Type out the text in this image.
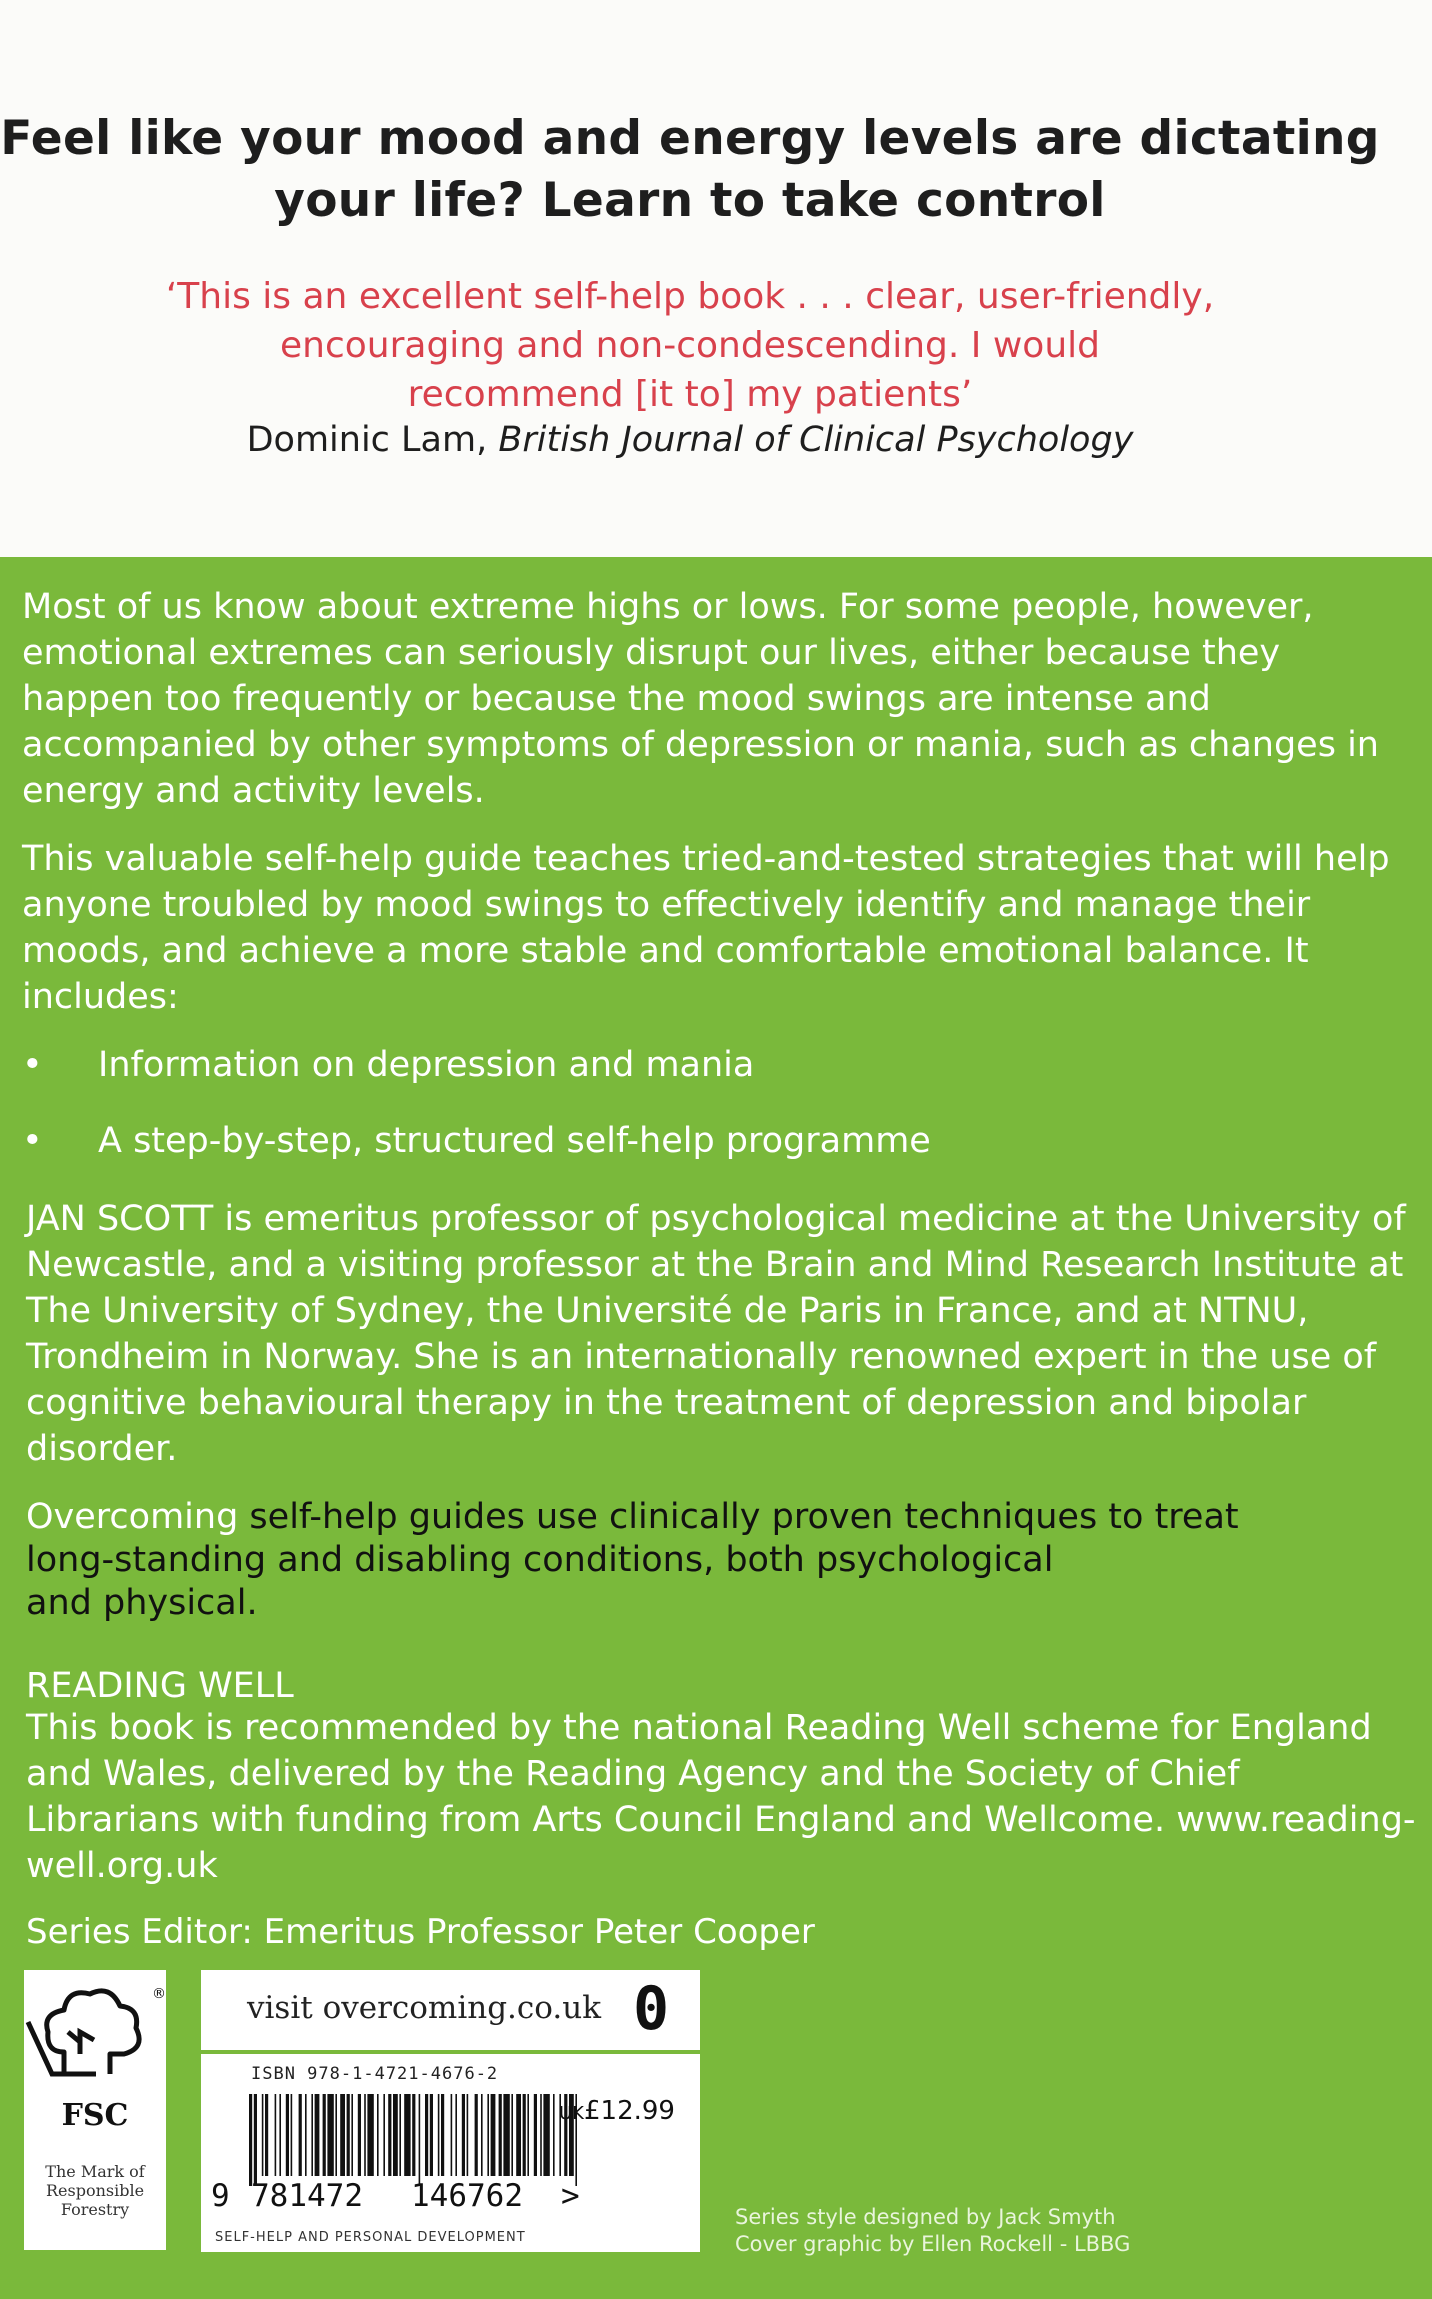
Feel like your mood and energy levels are dictating
your life? Learn to take control
‘This is an excellent self-help book . . . clear, user-friendly,
encouraging and non-condescending. I would
recommend [it to] my patients’
Dominic Lam, British Journal of Clinical Psychology

Most of us know about extreme highs or lows. For some people, however, emotional extremes can seriously disrupt our lives, either because they happen too frequently or because the mood swings are intense and accompanied by other symptoms of depression or mania, such as changes in energy and activity levels.

This valuable self-help guide teaches tried-and-tested strategies that will help anyone troubled by mood swings to effectively identify and manage their moods, and achieve a more stable and comfortable emotional balance. It includes:

• Information on depression and mania
• A step-by-step, structured self-help programme

JAN SCOTT is emeritus professor of psychological medicine at the University of Newcastle, and a visiting professor at the Brain and Mind Research Institute at The University of Sydney, the Université de Paris in France, and at NTNU, Trondheim in Norway. She is an internationally renowned expert in the use of cognitive behavioural therapy in the treatment of depression and bipolar disorder.

Overcoming self-help guides use clinically proven techniques to treat
long-standing and disabling conditions, both psychological
and physical.
READING WELL

This book is recommended by the national Reading Well scheme for England and Wales, delivered by the Reading Agency and the Society of Chief Librarians with funding from Arts Council England and Wellcome. www.reading-well.org.uk

Series Editor: Emeritus Professor Peter Cooper
®
FSC
The Mark of
Responsible
Forestry
visit overcoming.co.uk 0
ISBN 978-1-4721-4676-2
UK£12.99
9 781472 146762 >
SELF-HELP AND PERSONAL DEVELOPMENT
Series style designed by Jack Smyth
Cover graphic by Ellen Rockell - LBBG
